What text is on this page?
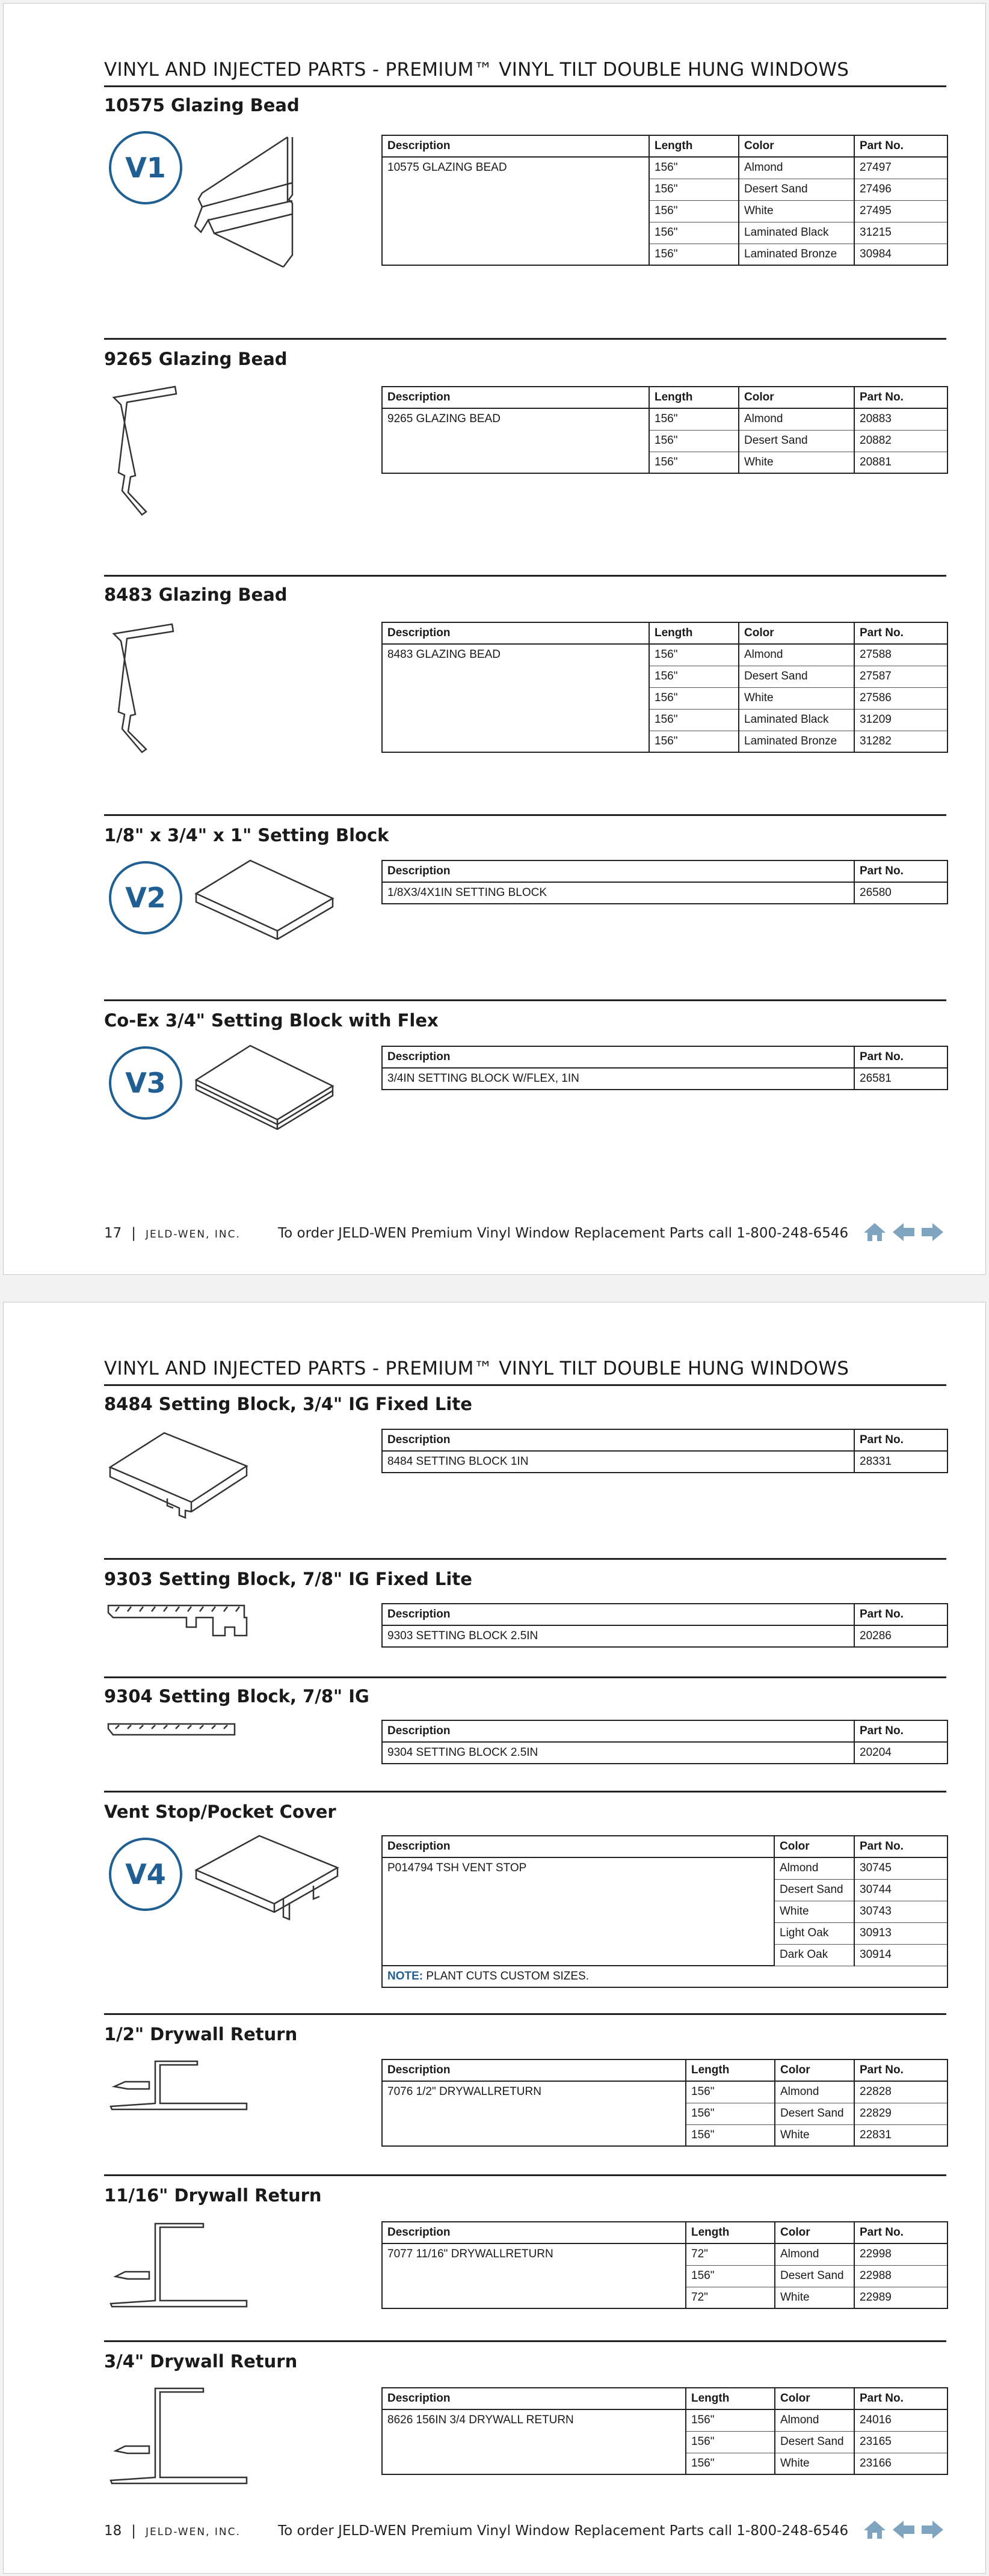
VINYL AND INJECTED PARTS - PREMIUM™ VINYL TILT DOUBLE HUNG WINDOWS
10575 Glazing Bead
V1
Description	Length	Color	Part No.
10575 GLAZING BEAD	156"	Almond	27497
	156"	Desert Sand	27496
	156"	White	27495
	156"	Laminated Black	31215
	156"	Laminated Bronze	30984
9265 Glazing Bead
Description	Length	Color	Part No.
9265 GLAZING BEAD	156"	Almond	20883
	156"	Desert Sand	20882
	156"	White	20881
8483 Glazing Bead
Description	Length	Color	Part No.
8483 GLAZING BEAD	156"	Almond	27588
	156"	Desert Sand	27587
	156"	White	27586
	156"	Laminated Black	31209
	156"	Laminated Bronze	31282
1/8" x 3/4" x 1" Setting Block
V2
Description	Part No.
1/8X3/4X1IN SETTING BLOCK	26580
Co-Ex 3/4" Setting Block with Flex
V3
Description	Part No.
3/4IN SETTING BLOCK W/FLEX, 1IN	26581
17 | JELD-WEN, INC.	To order JELD-WEN Premium Vinyl Window Replacement Parts call 1-800-248-6546
VINYL AND INJECTED PARTS - PREMIUM™ VINYL TILT DOUBLE HUNG WINDOWS
8484 Setting Block, 3/4" IG Fixed Lite
Description	Part No.
8484 SETTING BLOCK 1IN	28331
9303 Setting Block, 7/8" IG Fixed Lite
Description	Part No.
9303 SETTING BLOCK 2.5IN	20286
9304 Setting Block, 7/8" IG
Description	Part No.
9304 SETTING BLOCK 2.5IN	20204
Vent Stop/Pocket Cover
V4
Description	Color	Part No.
P014794 TSH VENT STOP	Almond	30745
	Desert Sand	30744
	White	30743
	Light Oak	30913
	Dark Oak	30914
NOTE: PLANT CUTS CUSTOM SIZES.		
1/2" Drywall Return
Description	Length	Color	Part No.
7076 1/2" DRYWALLRETURN	156"	Almond	22828
	156"	Desert Sand	22829
	156"	White	22831
11/16" Drywall Return
Description	Length	Color	Part No.
7077 11/16" DRYWALLRETURN	72"	Almond	22998
	156"	Desert Sand	22988
	72"	White	22989
3/4" Drywall Return
Description	Length	Color	Part No.
8626 156IN 3/4 DRYWALL RETURN	156"	Almond	24016
	156"	Desert Sand	23165
	156"	White	23166
18 | JELD-WEN, INC.	To order JELD-WEN Premium Vinyl Window Replacement Parts call 1-800-248-6546
